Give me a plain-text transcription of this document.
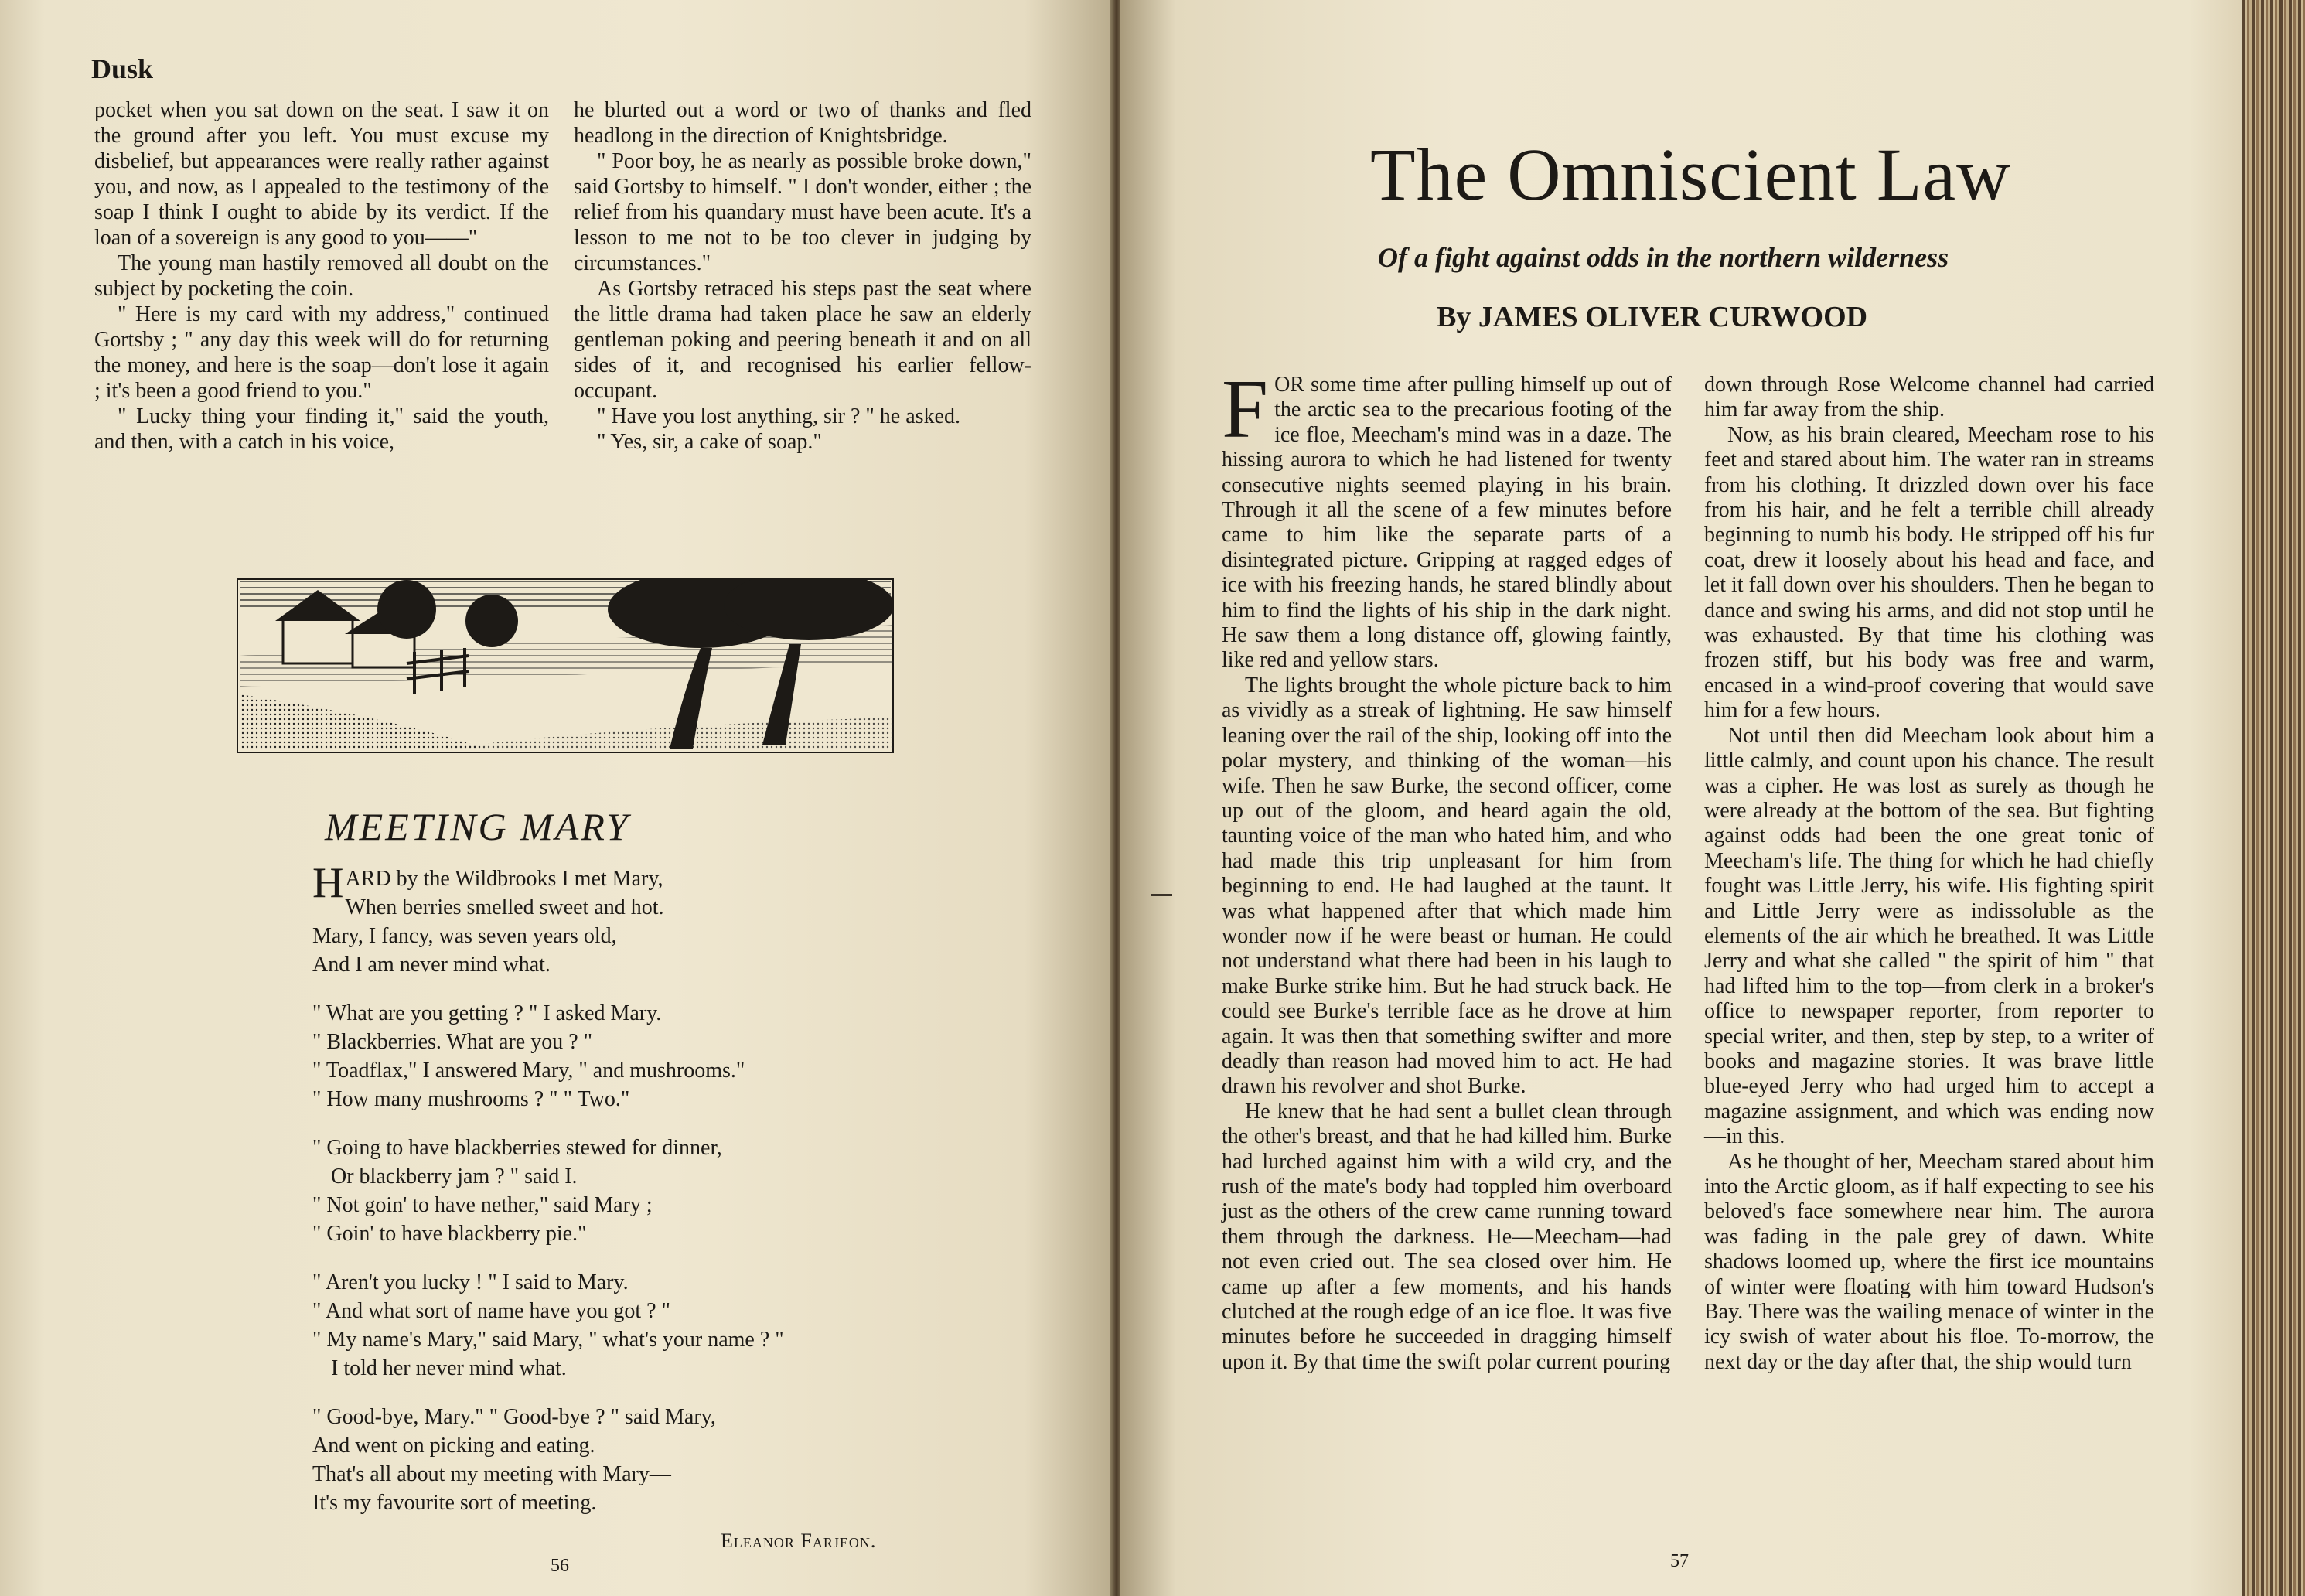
Dusk

pocket when you sat down on the seat. I saw it on the ground after you left. You must excuse my disbelief, but appearances were really rather against you, and now, as I appealed to the testimony of the soap I think I ought to abide by its verdict. If the loan of a sovereign is any good to you——"

The young man hastily removed all doubt on the subject by pocketing the coin.

" Here is my card with my address," continued Gortsby ; " any day this week will do for returning the money, and here is the soap—don't lose it again ; it's been a good friend to you."

" Lucky thing your finding it," said the youth, and then, with a catch in his voice,

he blurted out a word or two of thanks and fled headlong in the direction of Knightsbridge.

" Poor boy, he as nearly as possible broke down," said Gortsby to himself. " I don't wonder, either ; the relief from his quandary must have been acute. It's a lesson to me not to be too clever in judging by circumstances."

As Gortsby retraced his steps past the seat where the little drama had taken place he saw an elderly gentleman poking and peering beneath it and on all sides of it, and recognised his earlier fellow-occupant.

" Have you lost anything, sir ? " he asked.

" Yes, sir, a cake of soap."

MEETING MARY
HARD by the Wildbrooks I met Mary,
When berries smelled sweet and hot.
Mary, I fancy, was seven years old,
And I am never mind what.
" What are you getting ? " I asked Mary.
" Blackberries. What are you ? "
" Toadflax," I answered Mary, " and mushrooms."
" How many mushrooms ? " " Two."
" Going to have blackberries stewed for dinner,
Or blackberry jam ? " said I.
" Not goin' to have nether," said Mary ;
" Goin' to have blackberry pie."
" Aren't you lucky ! " I said to Mary.
" And what sort of name have you got ? "
" My name's Mary," said Mary, " what's your name ? "
I told her never mind what.
" Good-bye, Mary." " Good-bye ? " said Mary,
And went on picking and eating.
That's all about my meeting with Mary—
It's my favourite sort of meeting.
Eleanor Farjeon.
56
The Omniscient Law
Of a fight against odds in the northern wilderness
By JAMES OLIVER CURWOOD

FOR some time after pulling himself up out of the arctic sea to the precarious footing of the ice floe, Meecham's mind was in a daze. The hissing aurora to which he had listened for twenty consecutive nights seemed playing in his brain. Through it all the scene of a few minutes before came to him like the separate parts of a disintegrated picture. Gripping at ragged edges of ice with his freezing hands, he stared blindly about him to find the lights of his ship in the dark night. He saw them a long distance off, glowing faintly, like red and yellow stars.

The lights brought the whole picture back to him as vividly as a streak of lightning. He saw himself leaning over the rail of the ship, looking off into the polar mystery, and thinking of the woman—his wife. Then he saw Burke, the second officer, come up out of the gloom, and heard again the old, taunting voice of the man who hated him, and who had made this trip unpleasant for him from beginning to end. He had laughed at the taunt. It was what happened after that which made him wonder now if he were beast or human. He could not understand what there had been in his laugh to make Burke strike him. But he had struck back. He could see Burke's terrible face as he drove at him again. It was then that something swifter and more deadly than reason had moved him to act. He had drawn his revolver and shot Burke.

He knew that he had sent a bullet clean through the other's breast, and that he had killed him. Burke had lurched against him with a wild cry, and the rush of the mate's body had toppled him overboard just as the others of the crew came running toward them through the darkness. He—Meecham—had not even cried out. The sea closed over him. He came up after a few moments, and his hands clutched at the rough edge of an ice floe. It was five minutes before he succeeded in dragging himself upon it. By that time the swift polar current pouring

down through Rose Welcome channel had carried him far away from the ship.

Now, as his brain cleared, Meecham rose to his feet and stared about him. The water ran in streams from his clothing. It drizzled down over his face from his hair, and he felt a terrible chill already beginning to numb his body. He stripped off his fur coat, drew it loosely about his head and face, and let it fall down over his shoulders. Then he began to dance and swing his arms, and did not stop until he was exhausted. By that time his clothing was frozen stiff, but his body was free and warm, encased in a wind-proof covering that would save him for a few hours.

Not until then did Meecham look about him a little calmly, and count upon his chance. The result was a cipher. He was lost as surely as though he were already at the bottom of the sea. But fighting against odds had been the one great tonic of Meecham's life. The thing for which he had chiefly fought was Little Jerry, his wife. His fighting spirit and Little Jerry were as indissoluble as the elements of the air which he breathed. It was Little Jerry and what she called " the spirit of him " that had lifted him to the top—from clerk in a broker's office to newspaper reporter, from reporter to special writer, and then, step by step, to a writer of books and magazine stories. It was brave little blue-eyed Jerry who had urged him to accept a magazine assignment, and which was ending now—in this.

As he thought of her, Meecham stared about him into the Arctic gloom, as if half expecting to see his beloved's face somewhere near him. The aurora was fading in the pale grey of dawn. White shadows loomed up, where the first ice mountains of winter were floating with him toward Hudson's Bay. There was the wailing menace of winter in the icy swish of water about his floe. To-morrow, the next day or the day after that, the ship would turn

57
